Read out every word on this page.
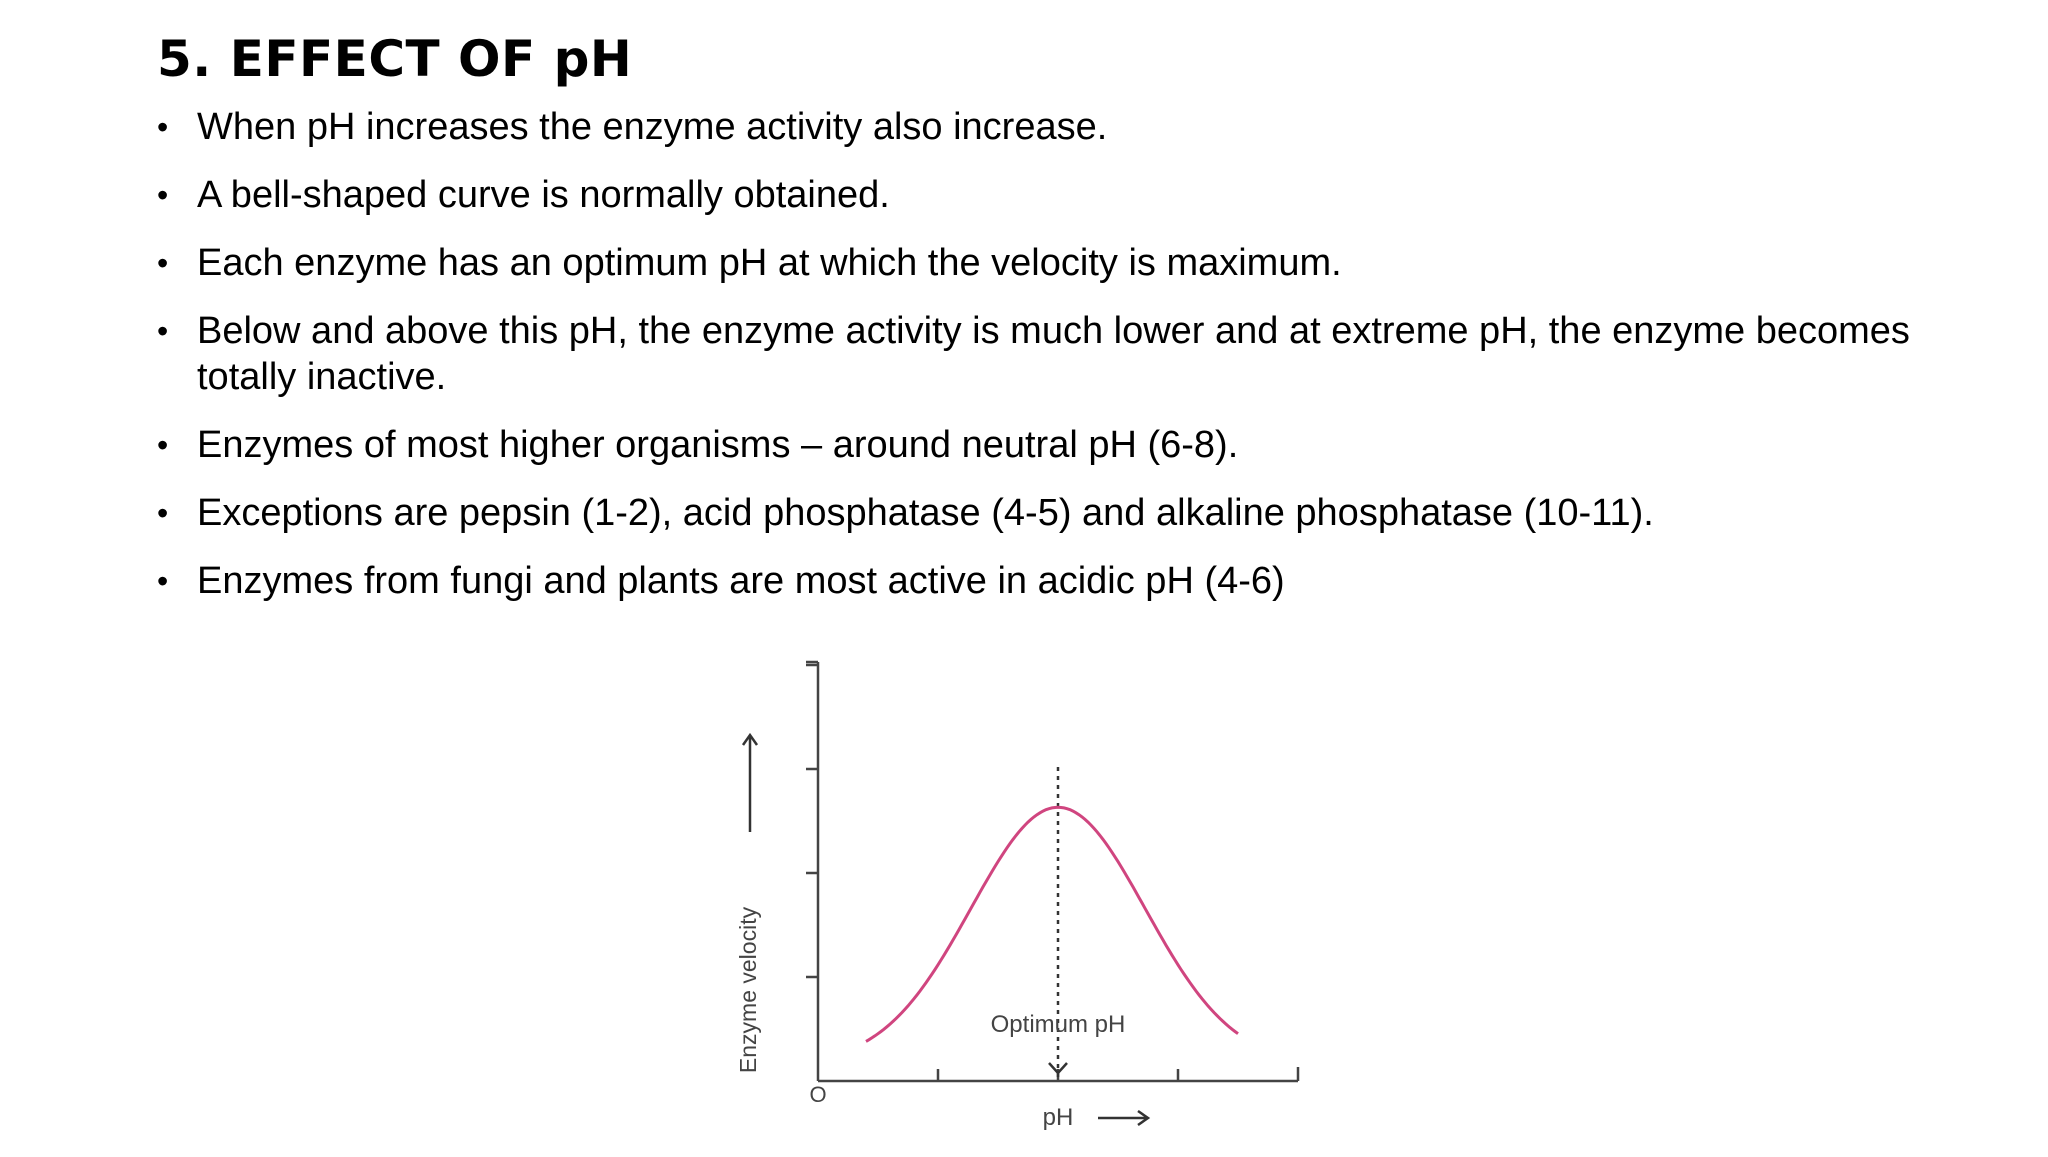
5. EFFECT OF pH
• When pH increases the enzyme activity also increase.
• A bell-shaped curve is normally obtained.
• Each enzyme has an optimum pH at which the velocity is maximum.
• Below and above this pH, the enzyme activity is much lower and at extreme pH, the enzyme becomes totally inactive.
• Enzymes of most higher organisms – around neutral pH (6-8).
• Exceptions are pepsin (1-2), acid phosphatase (4-5) and alkaline phosphatase (10-11).
• Enzymes from fungi and plants are most active in acidic pH (4-6)
Optimum pH
pH
Enzyme velocity
O
